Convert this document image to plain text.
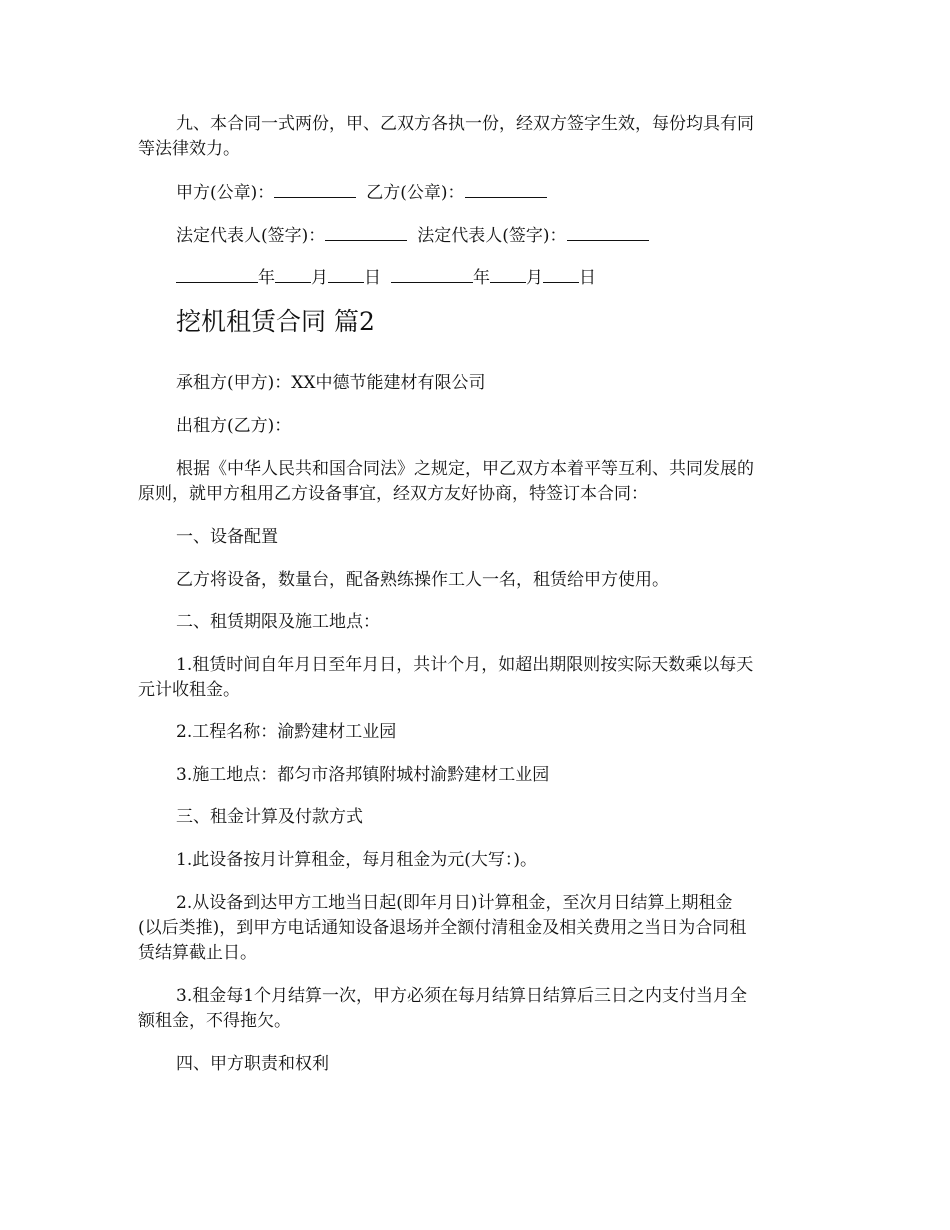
九、本合同一式两份，甲、乙双方各执一份，经双方签字生效，每份均具有同
等法律效力。
甲方(公章)：	乙方(公章)：
法定代表人(签字)：	法定代表人(签字)：
年 月 日	年 月 日
挖机租赁合同 篇2
承租方(甲方)：XX中德节能建材有限公司
出租方(乙方)：
根据《中华人民共和国合同法》之规定，甲乙双方本着平等互利、共同发展的
原则，就甲方租用乙方设备事宜，经双方友好协商，特签订本合同：
一、设备配置
乙方将设备，数量台，配备熟练操作工人一名，租赁给甲方使用。
二、租赁期限及施工地点：
1.租赁时间自年月日至年月日，共计个月，如超出期限则按实际天数乘以每天
元计收租金。
2.工程名称：渝黔建材工业园
3.施工地点：都匀市洛邦镇附城村渝黔建材工业园
三、租金计算及付款方式
1.此设备按月计算租金，每月租金为元(大写：)。
2.从设备到达甲方工地当日起(即年月日)计算租金，至次月日结算上期租金
(以后类推)，到甲方电话通知设备退场并全额付清租金及相关费用之当日为合同租
赁结算截止日。
3.租金每1个月结算一次，甲方必须在每月结算日结算后三日之内支付当月全
额租金，不得拖欠。
四、甲方职责和权利
